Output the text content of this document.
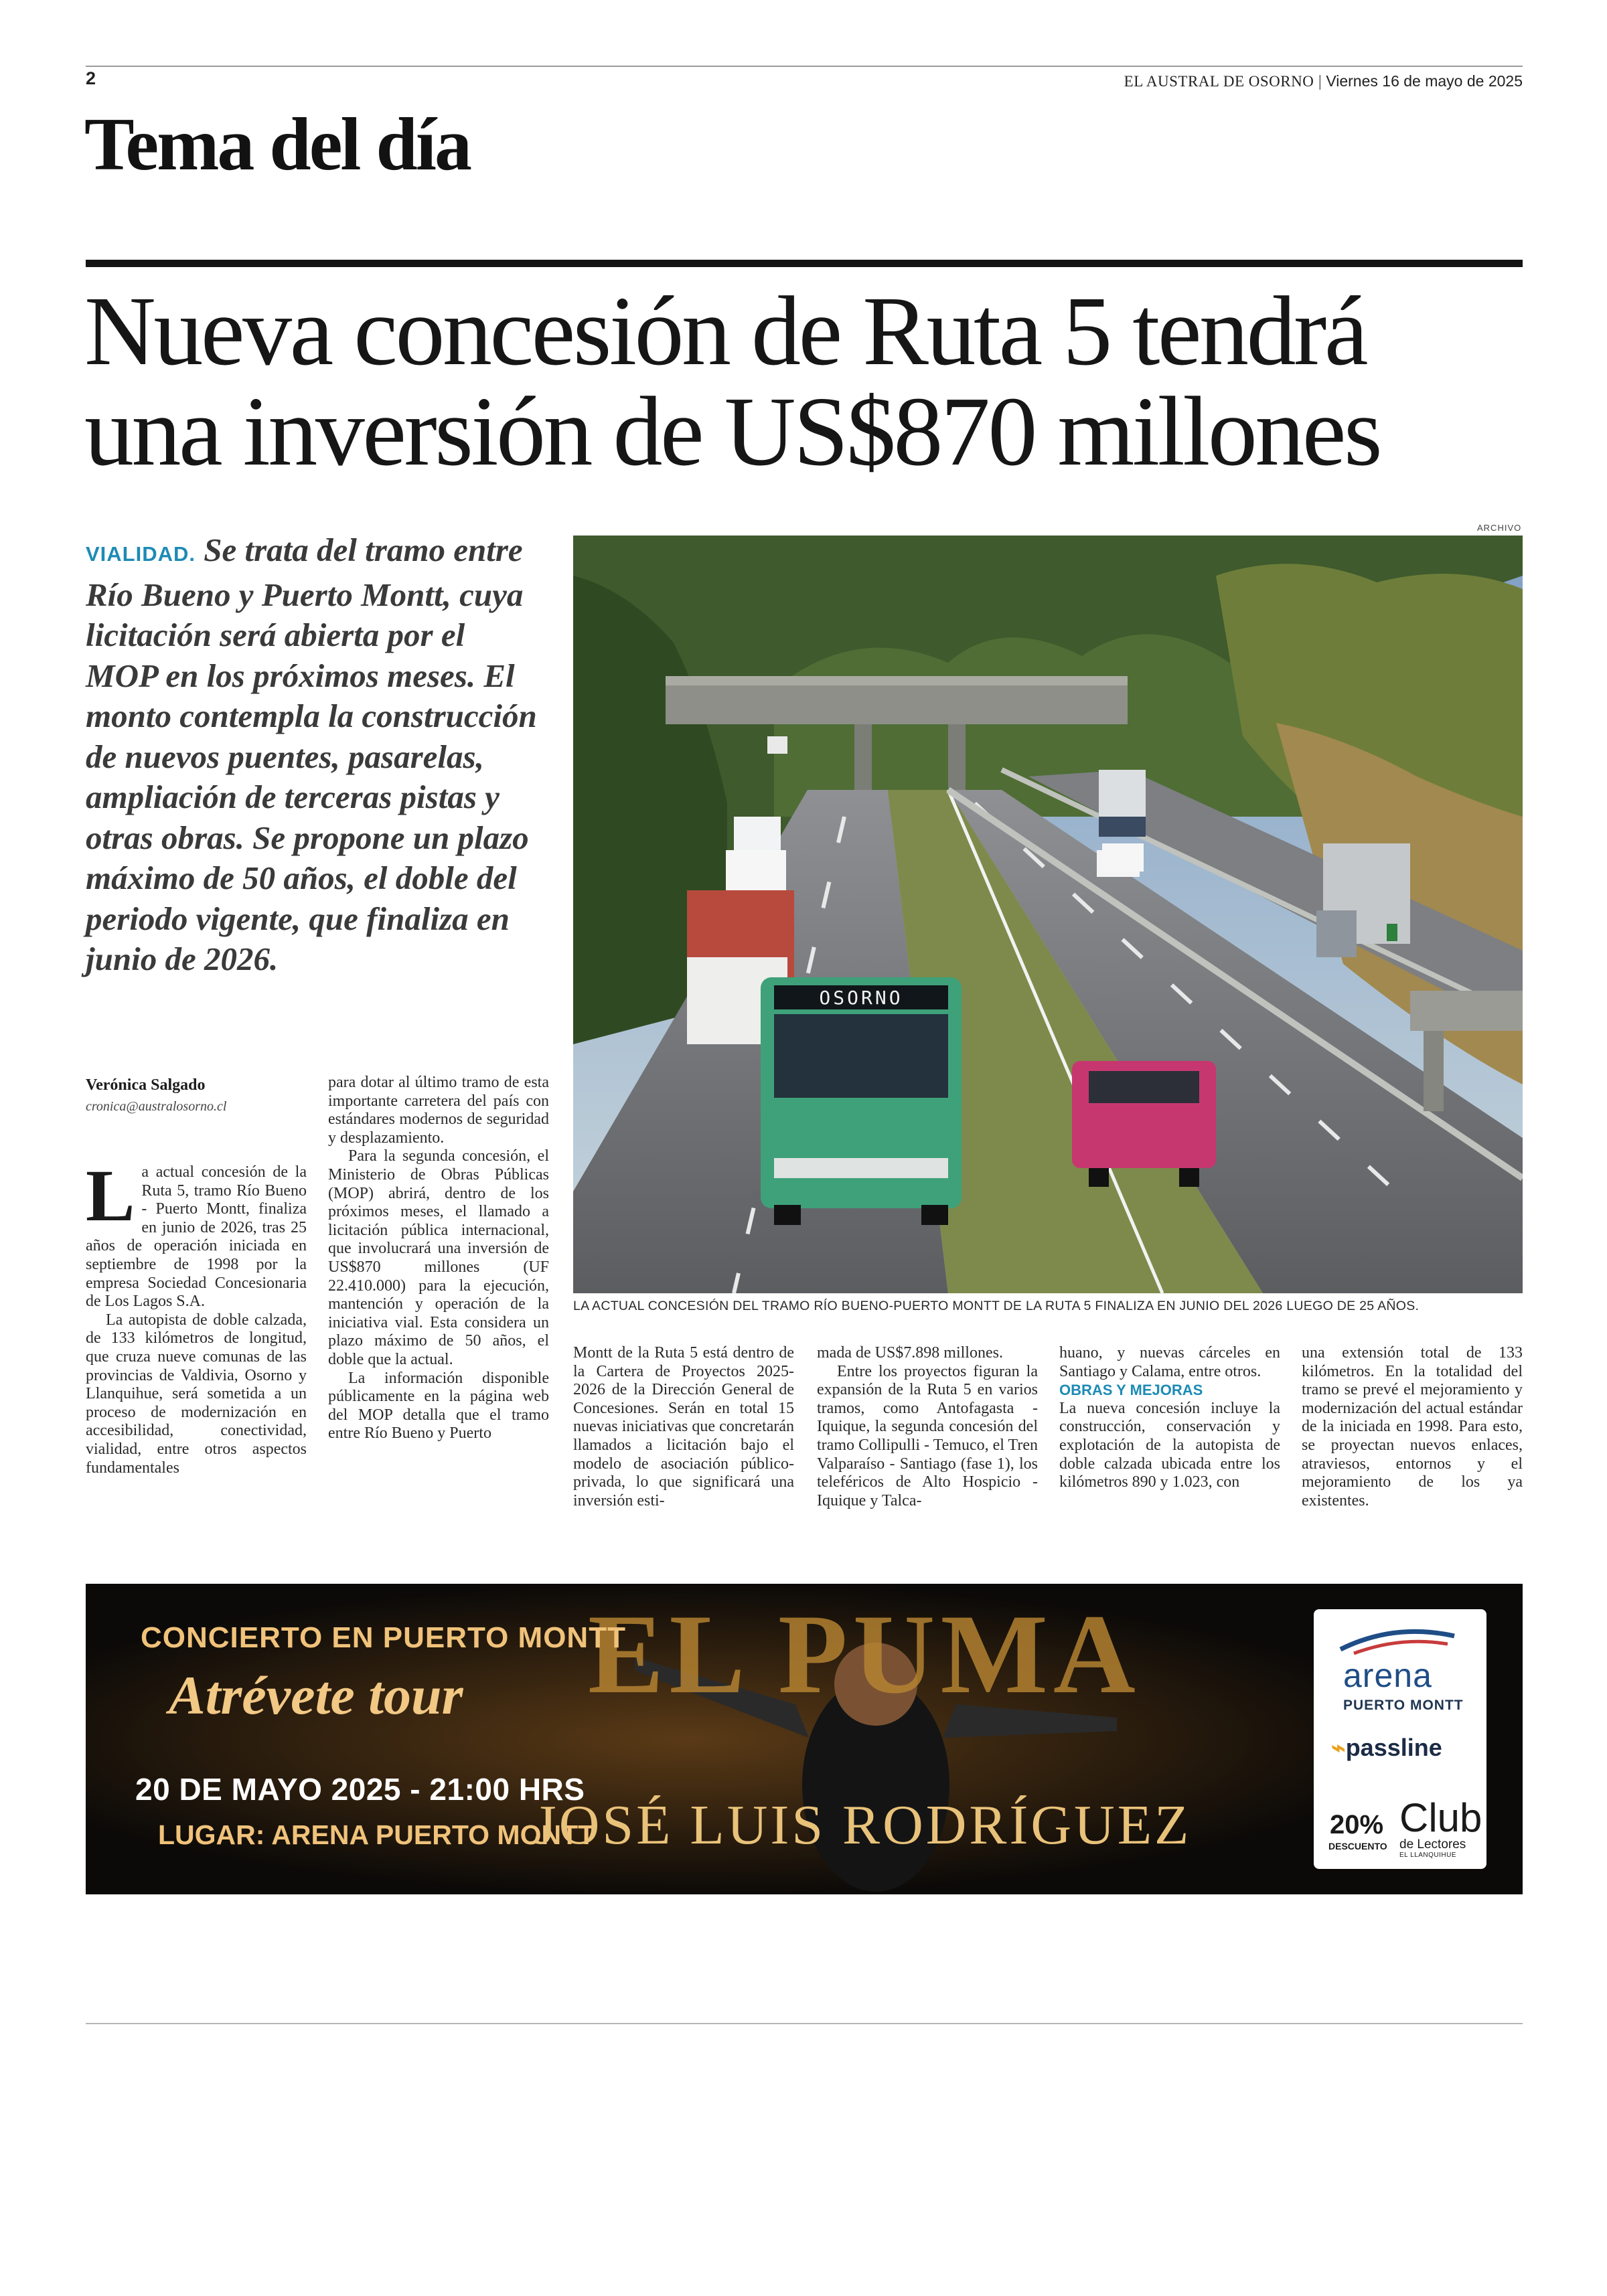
2	EL AUSTRAL DE OSORNO | Viernes 16 de mayo de 2025
Tema del día
Nueva concesión de Ruta 5 tendrá
una inversión de US$870 millones

VIALIDAD. Se trata del tramo entre Río Bueno y Puerto Montt, cuya licitación será abierta por el MOP en los próximos meses. El monto contempla la construcción de nuevos puentes, pasarelas, ampliación de terceras pistas y otras obras. Se propone un plazo máximo de 50 años, el doble del periodo vigente, que finaliza en junio de 2026.

ARCHIVO
OSORNO
LA ACTUAL CONCESIÓN DEL TRAMO RÍO BUENO-PUERTO MONTT DE LA RUTA 5 FINALIZA EN JUNIO DEL 2026 LUEGO DE 25 AÑOS.
Verónica Salgado
cronica@australosorno.cl

La actual concesión de la Ruta 5, tramo Río Bueno - Puerto Montt, finaliza en junio de 2026, tras 25 años de operación iniciada en septiembre de 1998 por la empresa Sociedad Concesionaria de Los Lagos S.A.

La autopista de doble calzada, de 133 kilómetros de longitud, que cruza nueve comunas de las provincias de Valdivia, Osorno y Llanquihue, será sometida a un proceso de modernización en accesibilidad, conectividad, vialidad, entre otros aspectos fundamentales

para dotar al último tramo de esta importante carretera del país con estándares modernos de seguridad y desplazamiento.

Para la segunda concesión, el Ministerio de Obras Públicas (MOP) abrirá, dentro de los próximos meses, el llamado a licitación pública internacional, que involucrará una inversión de US$870 millones (UF 22.410.000) para la ejecución, mantención y operación de la iniciativa vial. Esta considera un plazo máximo de 50 años, el doble que la actual.

La información disponible públicamente en la página web del MOP detalla que el tramo entre Río Bueno y Puerto

Montt de la Ruta 5 está dentro de la Cartera de Proyectos 2025-2026 de la Dirección General de Concesiones. Serán en total 15 nuevas iniciativas que concretarán llamados a licitación bajo el modelo de asociación público-privada, lo que significará una inversión esti-

mada de US$7.898 millones.

Entre los proyectos figuran la expansión de la Ruta 5 en varios tramos, como Antofagasta - Iquique, la segunda concesión del tramo Collipulli - Temuco, el Tren Valparaíso - Santiago (fase 1), los teleféricos de Alto Hospicio - Iquique y Talca-

huano, y nuevas cárceles en Santiago y Calama, entre otros.

OBRAS Y MEJORAS

La nueva concesión incluye la construcción, conservación y explotación de la autopista de doble calzada ubicada entre los kilómetros 890 y 1.023, con

una extensión total de 133 kilómetros. En la totalidad del tramo se prevé el mejoramiento y modernización del actual estándar de la iniciada en 1998. Para esto, se proyectan nuevos enlaces, atraviesos, entornos y el mejoramiento de los ya existentes.

EL PUMA
CONCIERTO EN PUERTO MONTT
Atrévete tour
20 DE MAYO 2025 - 21:00 HRS
LUGAR: ARENA PUERTO MONTT
JOSÉ LUIS RODRÍGUEZ
arena
PUERTO MONTT
⌁passline
20%
DESCUENTO
Club
de Lectores
EL LLANQUIHUE
